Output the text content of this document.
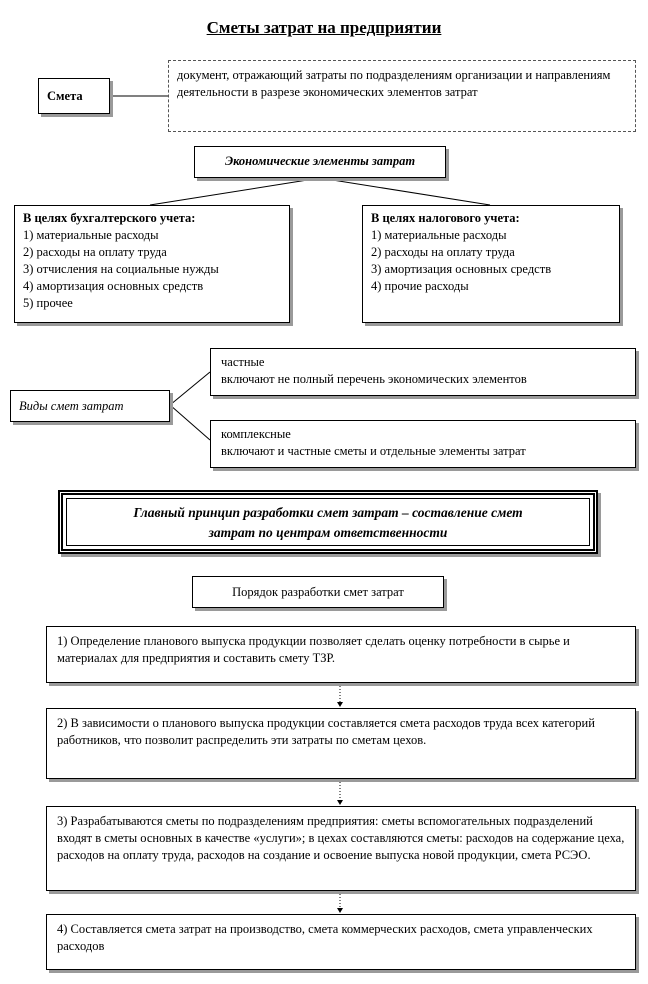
Сметы затрат на предприятии
Смета
документ, отражающий затраты по подразделениям организации и направлениям деятельности в разрезе экономических элементов затрат
Экономические элементы затрат
В целях бухгалтерского учета:
1) материальные расходы
2) расходы на оплату труда
3) отчисления на социальные нужды
4) амортизация основных средств
5) прочее
В целях налогового учета:
1) материальные расходы
2) расходы на оплату труда
3) амортизация основных средств
4) прочие расходы
Виды смет затрат
частные
включают не полный перечень экономических элементов
комплексные
включают и частные сметы и отдельные элементы затрат
Главный принцип разработки смет затрат – составление смет
затрат по центрам ответственности
Порядок разработки смет затрат
1) Определение планового выпуска продукции позволяет сделать оценку потребности в сырье и материалах для предприятия и составить смету ТЗР.
2) В зависимости о планового выпуска продукции составляется смета расходов труда всех категорий работников, что позволит распределить эти затраты по сметам цехов.
3) Разрабатываются сметы по подразделениям предприятия: сметы вспомогательных подразделений входят в сметы основных в качестве «услуги»; в цехах составляются сметы: расходов на содержание цеха, расходов на оплату труда, расходов на создание и освоение выпуска новой продукции, смета РСЭО.
4) Составляется смета затрат на производство, смета коммерческих расходов, смета управленческих расходов
